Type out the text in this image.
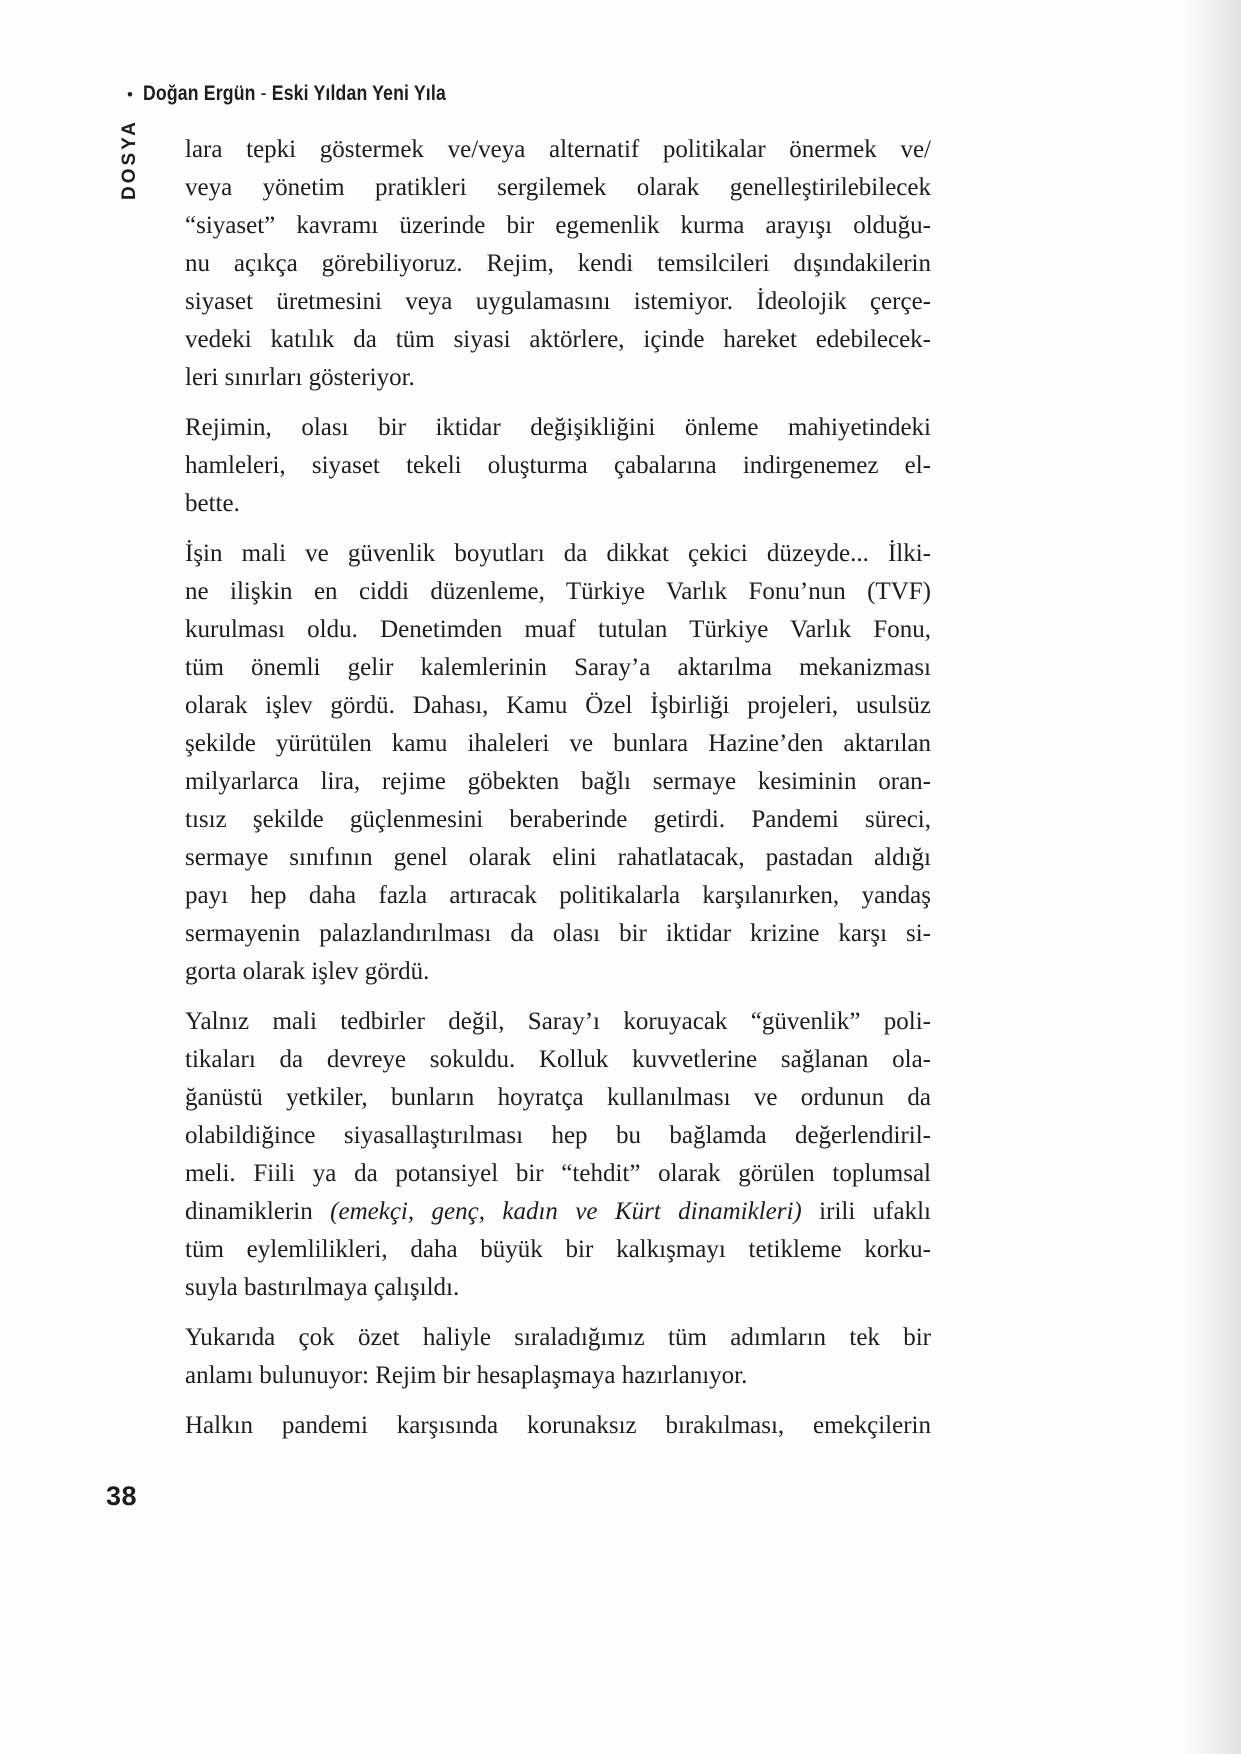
• Doğan Ergün - Eski Yıldan Yeni Yıla
DOSYA lara tepki göstermek ve/veya alternatif politikalar önermek ve/
veya yönetim pratikleri sergilemek olarak genelleştirilebilecek
“siyaset” kavramı üzerinde bir egemenlik kurma arayışı olduğu-
nu açıkça görebiliyoruz. Rejim, kendi temsilcileri dışındakilerin
siyaset üretmesini veya uygulamasını istemiyor. İdeolojik çerçe-
vedeki katılık da tüm siyasi aktörlere, içinde hareket edebilecek-
leri sınırları gösteriyor.
Rejimin, olası bir iktidar değişikliğini önleme mahiyetindeki
hamleleri, siyaset tekeli oluşturma çabalarına indirgenemez el-
bette.
İşin mali ve güvenlik boyutları da dikkat çekici düzeyde... İlki-
ne ilişkin en ciddi düzenleme, Türkiye Varlık Fonu’nun (TVF)
kurulması oldu. Denetimden muaf tutulan Türkiye Varlık Fonu,
tüm önemli gelir kalemlerinin Saray’a aktarılma mekanizması
olarak işlev gördü. Dahası, Kamu Özel İşbirliği projeleri, usulsüz
şekilde yürütülen kamu ihaleleri ve bunlara Hazine’den aktarılan
milyarlarca lira, rejime göbekten bağlı sermaye kesiminin oran-
tısız şekilde güçlenmesini beraberinde getirdi. Pandemi süreci,
sermaye sınıfının genel olarak elini rahatlatacak, pastadan aldığı
payı hep daha fazla artıracak politikalarla karşılanırken, yandaş
sermayenin palazlandırılması da olası bir iktidar krizine karşı si-
gorta olarak işlev gördü.
Yalnız mali tedbirler değil, Saray’ı koruyacak “güvenlik” poli-
tikaları da devreye sokuldu. Kolluk kuvvetlerine sağlanan ola-
ğanüstü yetkiler, bunların hoyratça kullanılması ve ordunun da
olabildiğince siyasallaştırılması hep bu bağlamda değerlendiril-
meli. Fiili ya da potansiyel bir “tehdit” olarak görülen toplumsal
dinamiklerin (emekçi, genç, kadın ve Kürt dinamikleri) irili ufaklı
tüm eylemlilikleri, daha büyük bir kalkışmayı tetikleme korku-
suyla bastırılmaya çalışıldı.
Yukarıda çok özet haliyle sıraladığımız tüm adımların tek bir
anlamı bulunuyor: Rejim bir hesaplaşmaya hazırlanıyor.
Halkın pandemi karşısında korunaksız bırakılması, emekçilerin
38
